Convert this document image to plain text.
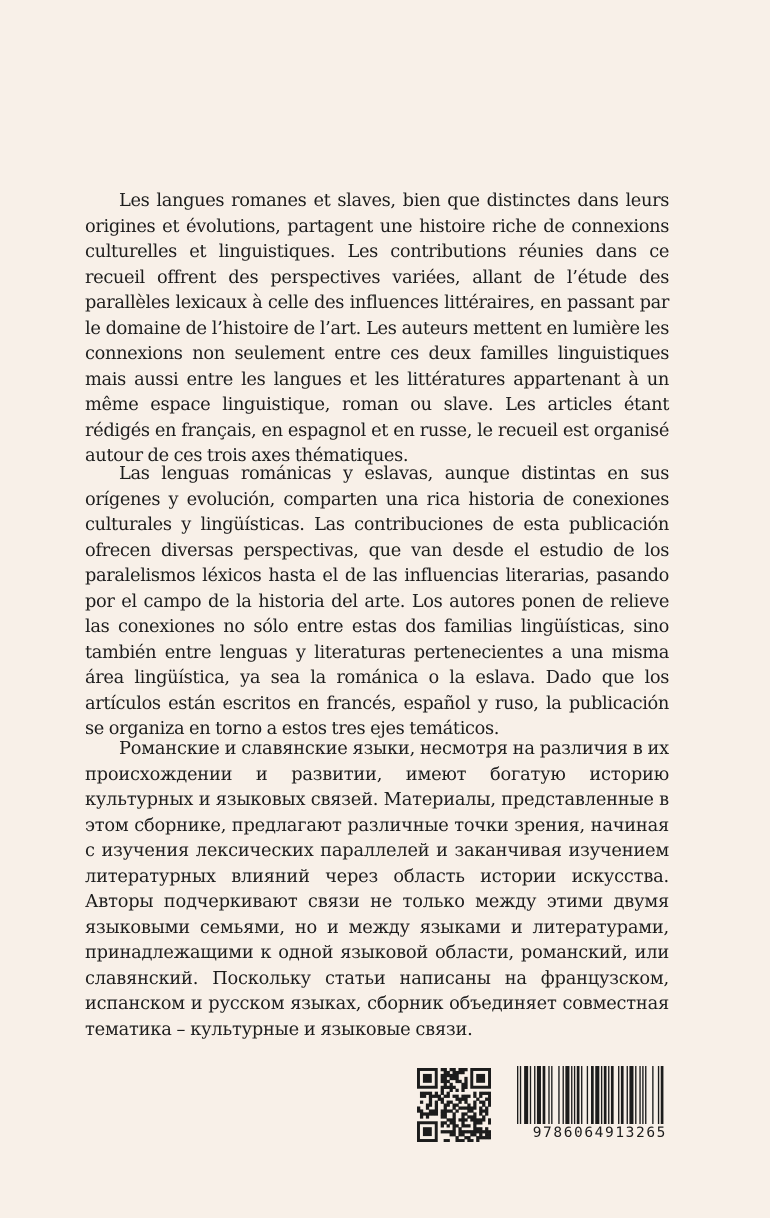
Les langues romanes et slaves, bien que distinctes dans leurs origines et évolutions, partagent une histoire riche de connexions culturelles et linguistiques. Les contributions réunies dans ce recueil offrent des perspectives variées, allant de l’étude des parallèles lexicaux à celle des influences littéraires, en passant par le domaine de l’histoire de l’art. Les auteurs mettent en lumière les connexions non seulement entre ces deux familles linguistiques mais aussi entre les langues et les littératures appartenant à un même espace linguistique, roman ou slave. Les articles étant rédigés en français, en espagnol et en russe, le recueil est organisé autour de ces trois axes thématiques.

Las lenguas románicas y eslavas, aunque distintas en sus orígenes y evolución, comparten una rica historia de conexiones culturales y lingüísticas. Las contribuciones de esta publicación ofrecen diversas perspectivas, que van desde el estudio de los paralelismos léxicos hasta el de las influencias literarias, pasando por el campo de la historia del arte. Los autores ponen de relieve las conexiones no sólo entre estas dos familias lingüísticas, sino también entre lenguas y literaturas pertenecientes a una misma área lingüística, ya sea la románica o la eslava. Dado que los artículos están escritos en francés, español y ruso, la publicación se organiza en torno a estos tres ejes temáticos.

Романские и славянские языки, несмотря на различия в их происхождении и развитии, имеют богатую историю культурных и языковых связей. Материалы, представленные в этом сборнике, предлагают различные точки зрения, начиная с изучения лексических параллелей и заканчивая изучением литературных влияний через область истории искусства. Авторы подчеркивают связи не только между этими двумя языковыми семьями, но и между языками и литературами, принадлежащими к одной языковой области, романский, или славянский. Поскольку статьи написаны на французском, испанском и русском языках, сборник объединяет совместная тематика – культурные и языковые связи.

9786064913265
